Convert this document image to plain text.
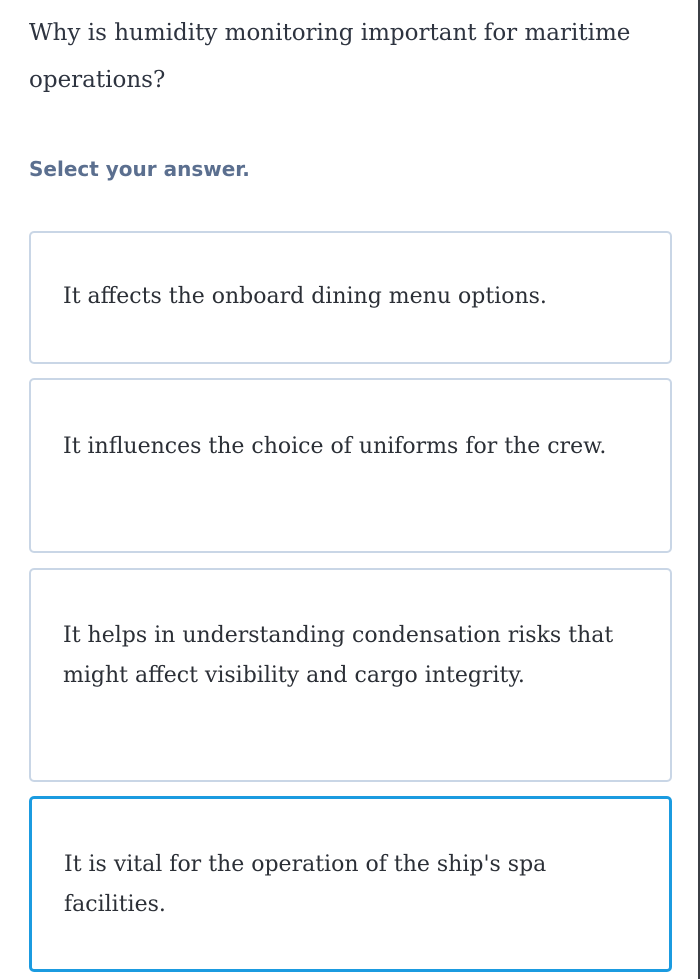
Why is humidity monitoring important for maritime operations?

Select your answer.

It affects the onboard dining menu options.
It influences the choice of uniforms for the crew.
It helps in understanding condensation risks that might affect visibility and cargo integrity.
It is vital for the operation of the ship's spa facilities.
